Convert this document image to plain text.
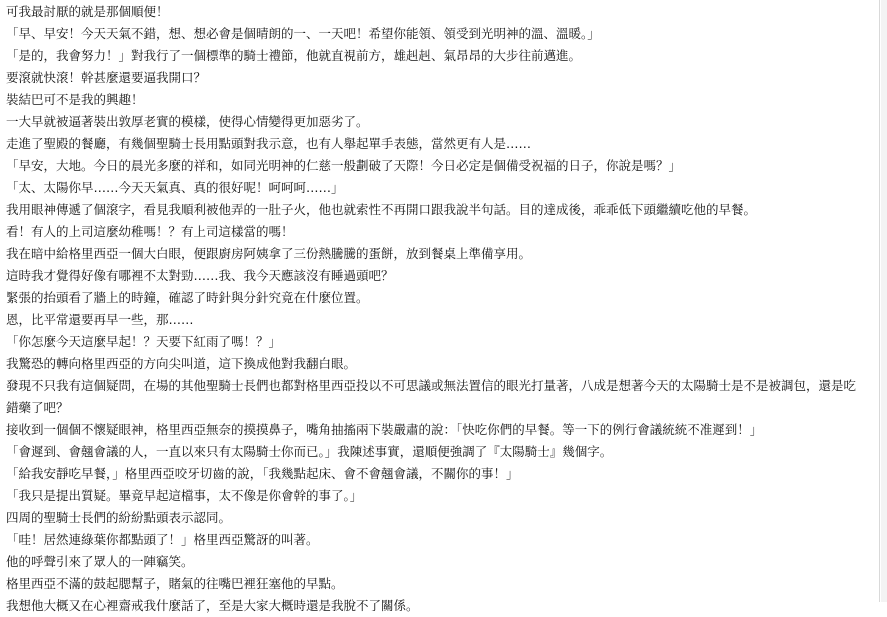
可我最討厭的就是那個順便！

「早、早安！今天天氣不錯，想、想必會是個晴朗的一、一天吧！希望你能領、領受到光明神的溫、溫暖。」

「是的，我會努力！」對我行了一個標準的騎士禮節，他就直視前方，雄赳赳、氣昂昂的大步往前邁進。

要滾就快滾！幹甚麼還要逼我開口？

裝結巴可不是我的興趣！

一大早就被逼著裝出敦厚老實的模樣，使得心情變得更加惡劣了。

走進了聖殿的餐廳，有幾個聖騎士長用點頭對我示意，也有人舉起單手表態，當然更有人是……

「早安，大地。今日的晨光多麼的祥和，如同光明神的仁慈一般劃破了天際！今日必定是個備受祝福的日子，你說是嗎？」

「太、太陽你早……今天天氣真、真的很好呢！呵呵呵……」

我用眼神傳遞了個滾字，看見我順利被他弄的一肚子火，他也就索性不再開口跟我說半句話。目的達成後，乖乖低下頭繼續吃他的早餐。

看！有人的上司這麼幼稚嗎！？有上司這樣當的嗎！

我在暗中給格里西亞一個大白眼，便跟廚房阿姨拿了三份熱騰騰的蛋餅，放到餐桌上準備享用。

這時我才覺得好像有哪裡不太對勁……我、我今天應該沒有睡過頭吧？

緊張的抬頭看了牆上的時鐘，確認了時針與分針究竟在什麼位置。

恩，比平常還要再早一些，那……

「你怎麼今天這麼早起！？天要下紅雨了嗎！？」

我驚恐的轉向格里西亞的方向尖叫道，這下換成他對我翻白眼。

發現不只我有這個疑問，在場的其他聖騎士長們也都對格里西亞投以不可思議或無法置信的眼光打量著，八成是想著今天的太陽騎士是不是被調包，還是吃錯藥了吧？

接收到一個個不懷疑眼神，格里西亞無奈的摸摸鼻子，嘴角抽搐兩下裝嚴肅的說：「快吃你們的早餐。等一下的例行會議統統不准遲到！」

「會遲到、會翹會議的人，一直以來只有太陽騎士你而已。」我陳述事實，還順便強調了『太陽騎士』幾個字。

「給我安靜吃早餐，」格里西亞咬牙切齒的說，「我幾點起床、會不會翹會議，不關你的事！」

「我只是提出質疑。畢竟早起這檔事，太不像是你會幹的事了。」

四周的聖騎士長們的紛紛點頭表示認同。

「哇！居然連綠葉你都點頭了！」格里西亞驚訝的叫著。

他的呼聲引來了眾人的一陣竊笑。

格里西亞不滿的鼓起腮幫子，賭氣的往嘴巴裡狂塞他的早點。

我想他大概又在心裡齋戒我什麼話了，至是大家大概時還是我脫不了關係。
